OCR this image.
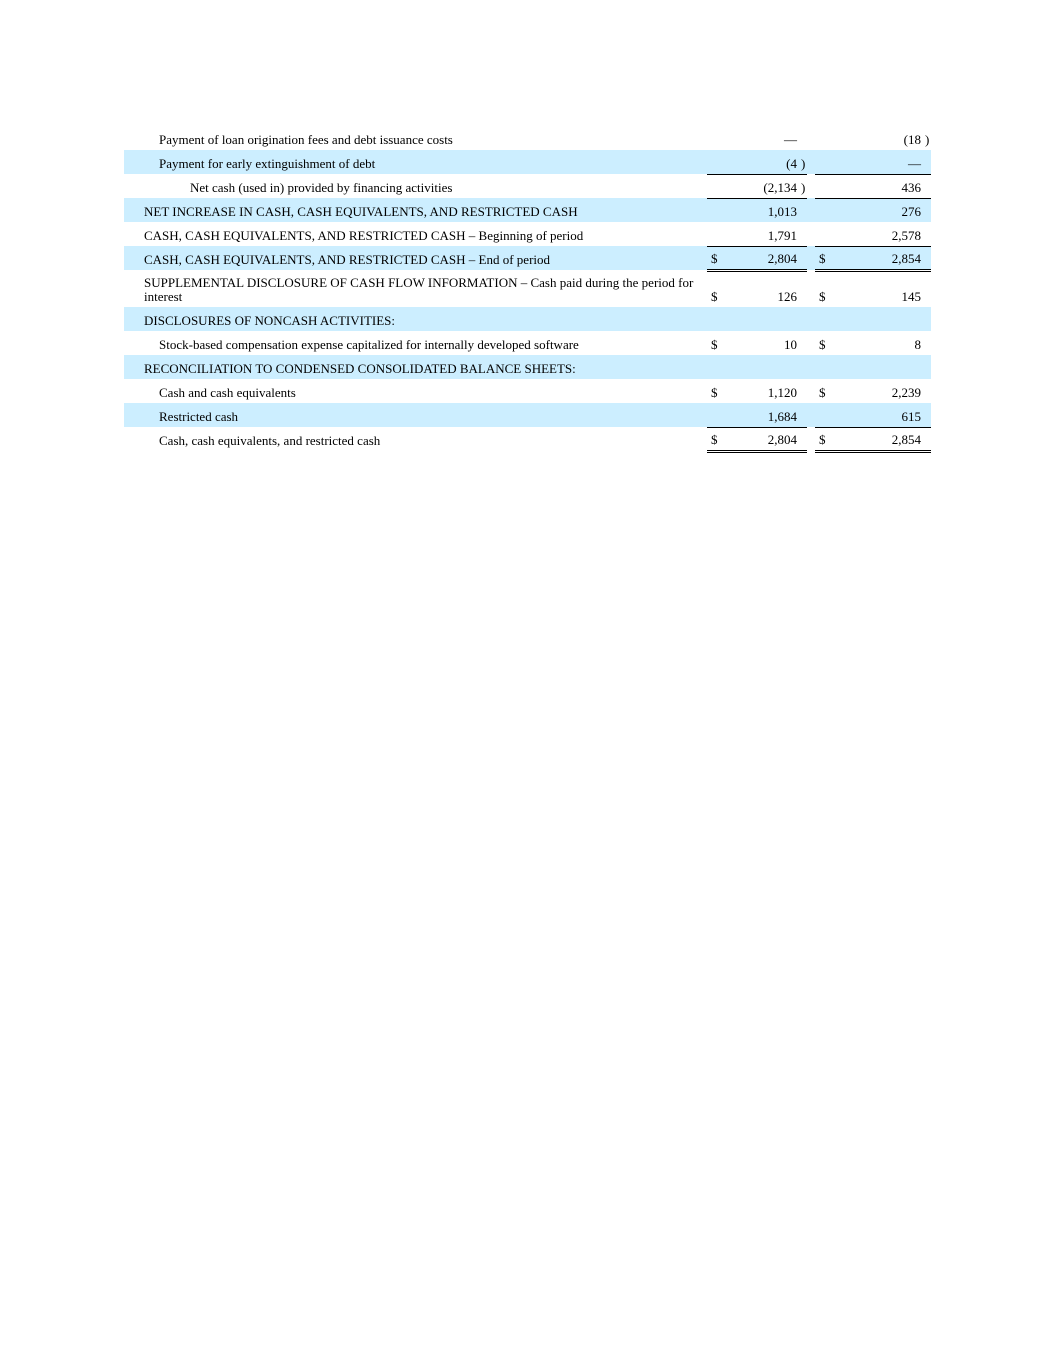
Payment of loan origination fees and debt issuance costs		—				(18	)
Payment for early extinguishment of debt		(4	)			—	
Net cash (used in) provided by financing activities		(2,134	)			436	
NET INCREASE IN CASH, CASH EQUIVALENTS, AND RESTRICTED CASH		1,013				276	
CASH, CASH EQUIVALENTS, AND RESTRICTED CASH – Beginning of period		1,791				2,578	
CASH, CASH EQUIVALENTS, AND RESTRICTED CASH – End of period	$	2,804			$	2,854	
SUPPLEMENTAL DISCLOSURE OF CASH FLOW INFORMATION – Cash paid during the period for interest	$	126			$	145	
DISCLOSURES OF NONCASH ACTIVITIES:							
Stock-based compensation expense capitalized for internally developed software	$	10			$	8	
RECONCILIATION TO CONDENSED CONSOLIDATED BALANCE SHEETS:							
Cash and cash equivalents	$	1,120			$	2,239	
Restricted cash		1,684				615	
Cash, cash equivalents, and restricted cash	$	2,804			$	2,854	
